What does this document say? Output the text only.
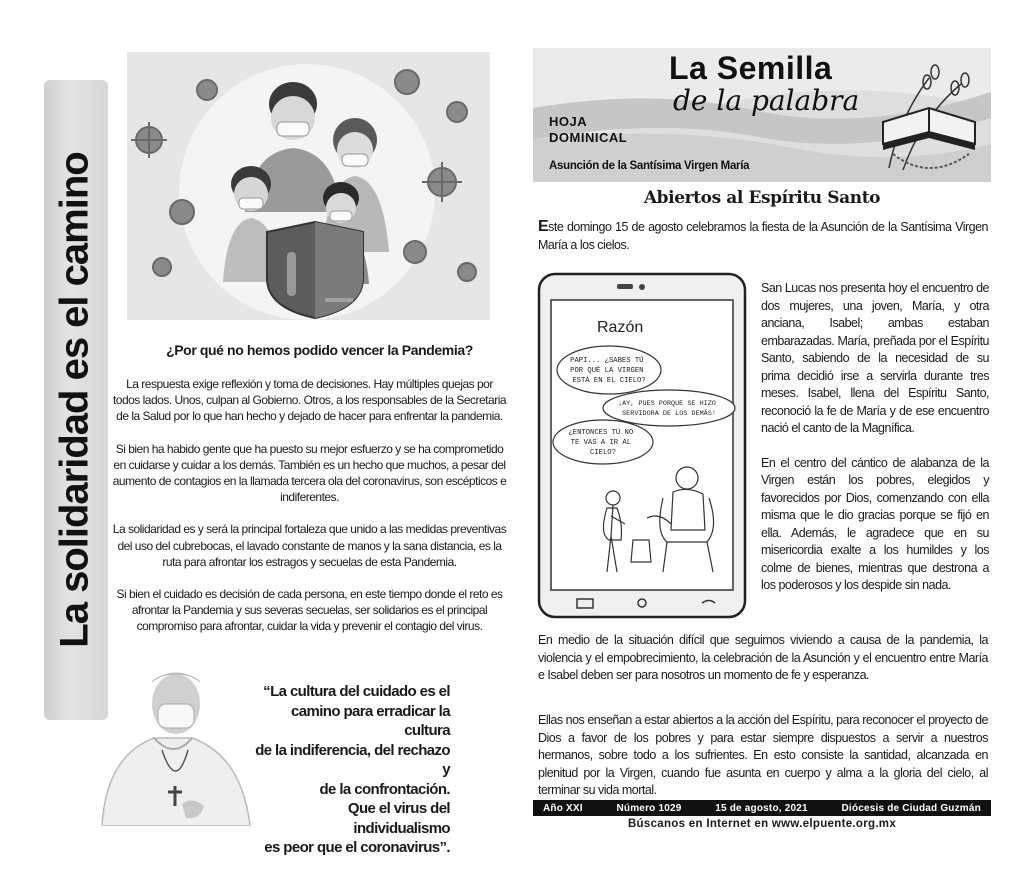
La solidaridad es el camino	¿Por qué no hemos podido vencer la Pandemia?

La respuesta exige reflexión y toma de decisiones. Hay múltiples quejas por todos lados. Unos, culpan al Gobierno. Otros, a los responsables de la Secretaria de la Salud por lo que han hecho y dejado de hacer para enfrentar la pandemia.

Si bien ha habido gente que ha puesto su mejor esfuerzo y se ha comprometido en cuidarse y cuidar a los demás. También es un hecho que muchos, a pesar del aumento de contagios en la llamada tercera ola del coronavirus, son escépticos e indiferentes.

La solidaridad es y será la principal fortaleza que unido a las medidas preventivas del uso del cubrebocas, el lavado constante de manos y la sana distancia, es la ruta para afrontar los estragos y secuelas de esta Pandemia.

Si bien el cuidado es decisión de cada persona, en este tiempo donde el reto es afrontar la Pandemia y sus severas secuelas, ser solidarios es el principal compromiso para afrontar, cuidar la vida y prevenir el contagio del virus.

“La cultura del cuidado es el
camino para erradicar la cultura
de la indiferencia, del rechazo y
de la confrontación.
Que el virus del individualismo
es peor que el coronavirus”.
La Semilla
de la palabra
HOJA
DOMINICAL
Asunción de la Santísima Virgen María
Abiertos al Espíritu Santo
Este domingo 15 de agosto celebramos la fiesta de la Asunción de la Santísima Virgen María a los cielos.
Razón
PAPI... ¿SABES TÚ POR QUÉ LA VIRGEN ESTÁ EN EL CIELO?
¡AY, PUES PORQUE SE HIZO SERVIDORA DE LOS DEMÁS!
¿ENTONCES TÚ NO TE VAS A IR AL CIELO?

San Lucas nos presenta hoy el encuentro de dos mujeres, una joven, María, y otra anciana, Isabel; ambas estaban embarazadas. María, preñada por el Espíritu Santo, sabiendo de la necesidad de su prima decidió irse a servirla durante tres meses. Isabel, llena del Espíritu Santo, reconoció la fe de María y de ese encuentro nació el canto de la Magnífica.

En el centro del cántico de alabanza de la Virgen están los pobres, elegidos y favorecidos por Dios, comenzando con ella misma que le dio gracias porque se fijó en ella. Además, le agradece que en su misericordia exalte a los humildes y los colme de bienes, mientras que destrona a los poderosos y los despide sin nada.

En medio de la situación difícil que seguimos viviendo a causa de la pandemia, la violencia y el empobrecimiento, la celebración de la Asunción y el encuentro entre María e Isabel deben ser para nosotros un momento de fe y esperanza.
Ellas nos enseñan a estar abiertos a la acción del Espíritu, para reconocer el proyecto de Dios a favor de los pobres y para estar siempre dispuestos a servir a nuestros hermanos, sobre todo a los sufrientes. En esto consiste la santidad, alcanzada en plenitud por la Virgen, cuando fue asunta en cuerpo y alma a la gloria del cielo, al terminar su vida mortal.
Año XXI	Número 1029	15 de agosto, 2021	Diócesis de Ciudad Guzmán
Búscanos en Internet en www.elpuente.org.mx
